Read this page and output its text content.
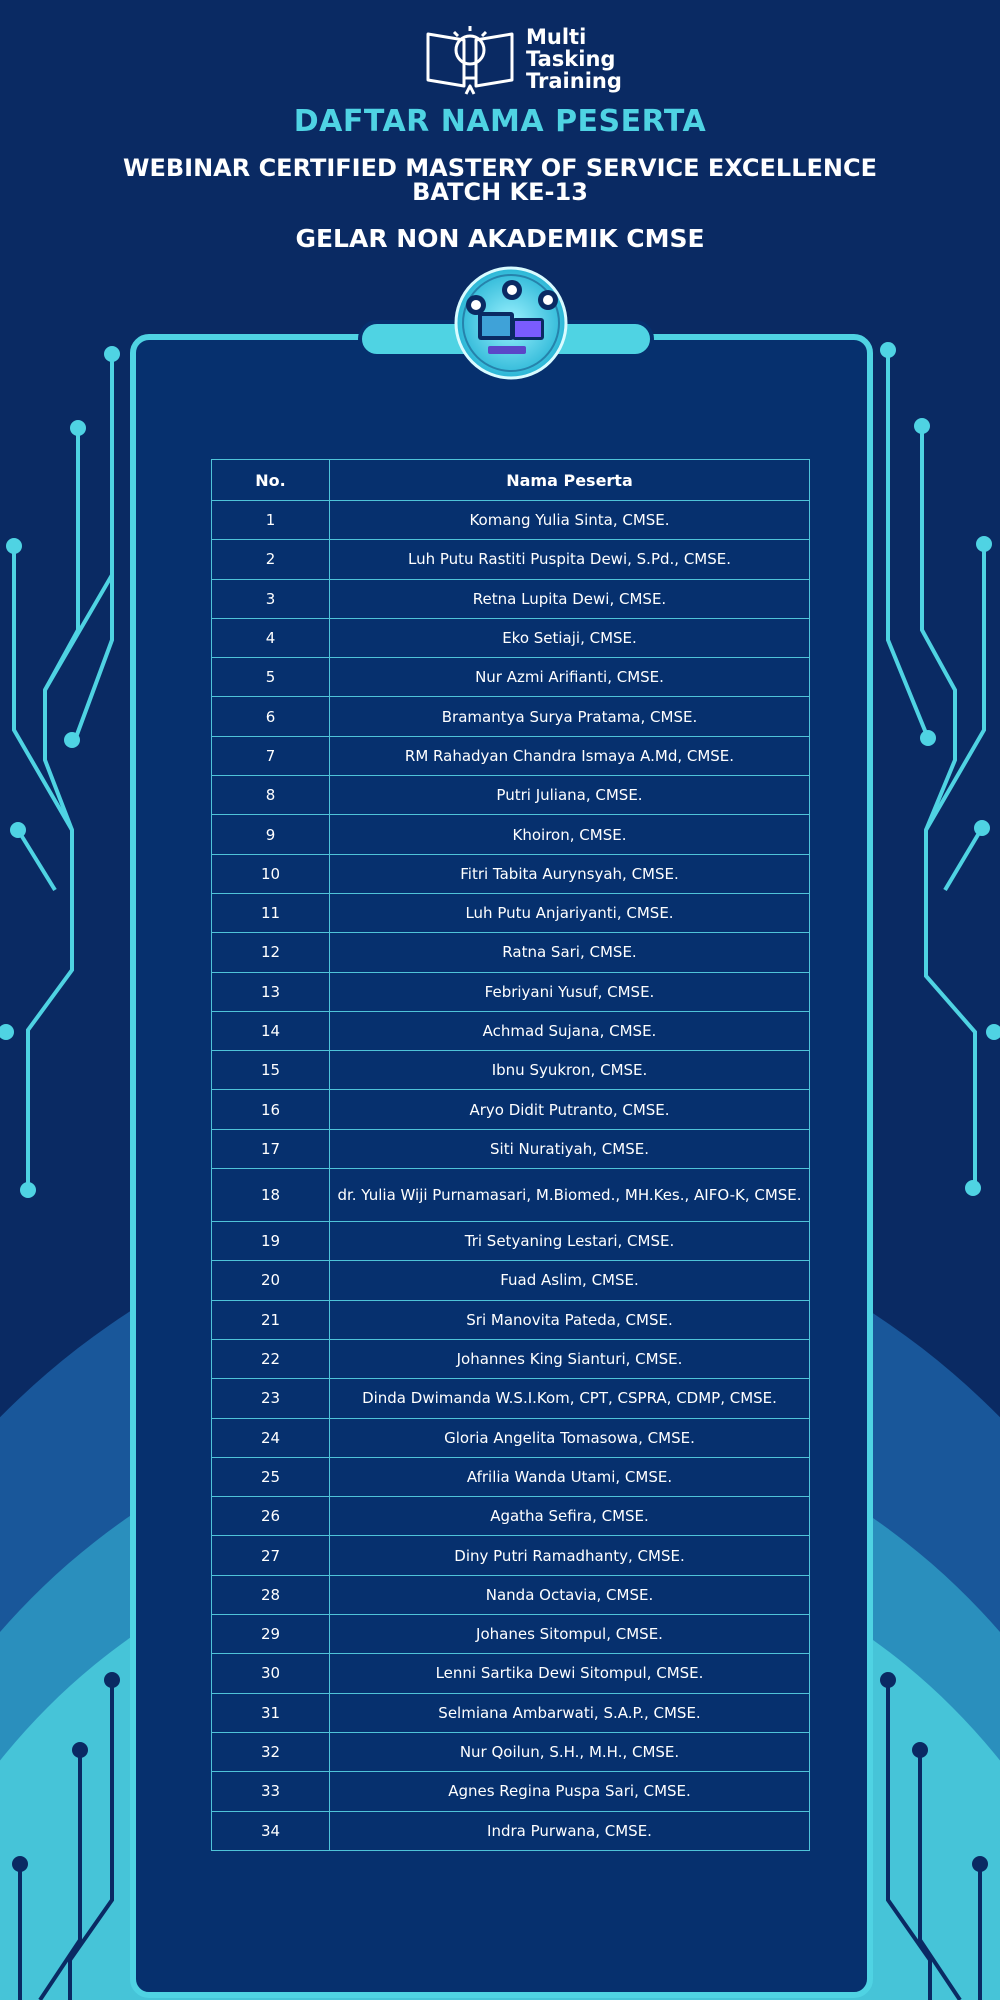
Multi
Tasking
Training
DAFTAR NAMA PESERTA
WEBINAR CERTIFIED MASTERY OF SERVICE EXCELLENCE
BATCH KE-13
GELAR NON AKADEMIK CMSE
No.	Nama Peserta
1	Komang Yulia Sinta, CMSE.
2	Luh Putu Rastiti Puspita Dewi, S.Pd., CMSE.
3	Retna Lupita Dewi, CMSE.
4	Eko Setiaji, CMSE.
5	Nur Azmi Arifianti, CMSE.
6	Bramantya Surya Pratama, CMSE.
7	RM Rahadyan Chandra Ismaya A.Md, CMSE.
8	Putri Juliana, CMSE.
9	Khoiron, CMSE.
10	Fitri Tabita Aurynsyah, CMSE.
11	Luh Putu Anjariyanti, CMSE.
12	Ratna Sari, CMSE.
13	Febriyani Yusuf, CMSE.
14	Achmad Sujana, CMSE.
15	Ibnu Syukron, CMSE.
16	Aryo Didit Putranto, CMSE.
17	Siti Nuratiyah, CMSE.
18	dr. Yulia Wiji Purnamasari, M.Biomed., MH.Kes., AIFO-K, CMSE.
19	Tri Setyaning Lestari, CMSE.
20	Fuad Aslim, CMSE.
21	Sri Manovita Pateda, CMSE.
22	Johannes King Sianturi, CMSE.
23	Dinda Dwimanda W.S.I.Kom, CPT, CSPRA, CDMP, CMSE.
24	Gloria Angelita Tomasowa, CMSE.
25	Afrilia Wanda Utami, CMSE.
26	Agatha Sefira, CMSE.
27	Diny Putri Ramadhanty, CMSE.
28	Nanda Octavia, CMSE.
29	Johanes Sitompul, CMSE.
30	Lenni Sartika Dewi Sitompul, CMSE.
31	Selmiana Ambarwati, S.A.P., CMSE.
32	Nur Qoilun, S.H., M.H., CMSE.
33	Agnes Regina Puspa Sari, CMSE.
34	Indra Purwana, CMSE.
